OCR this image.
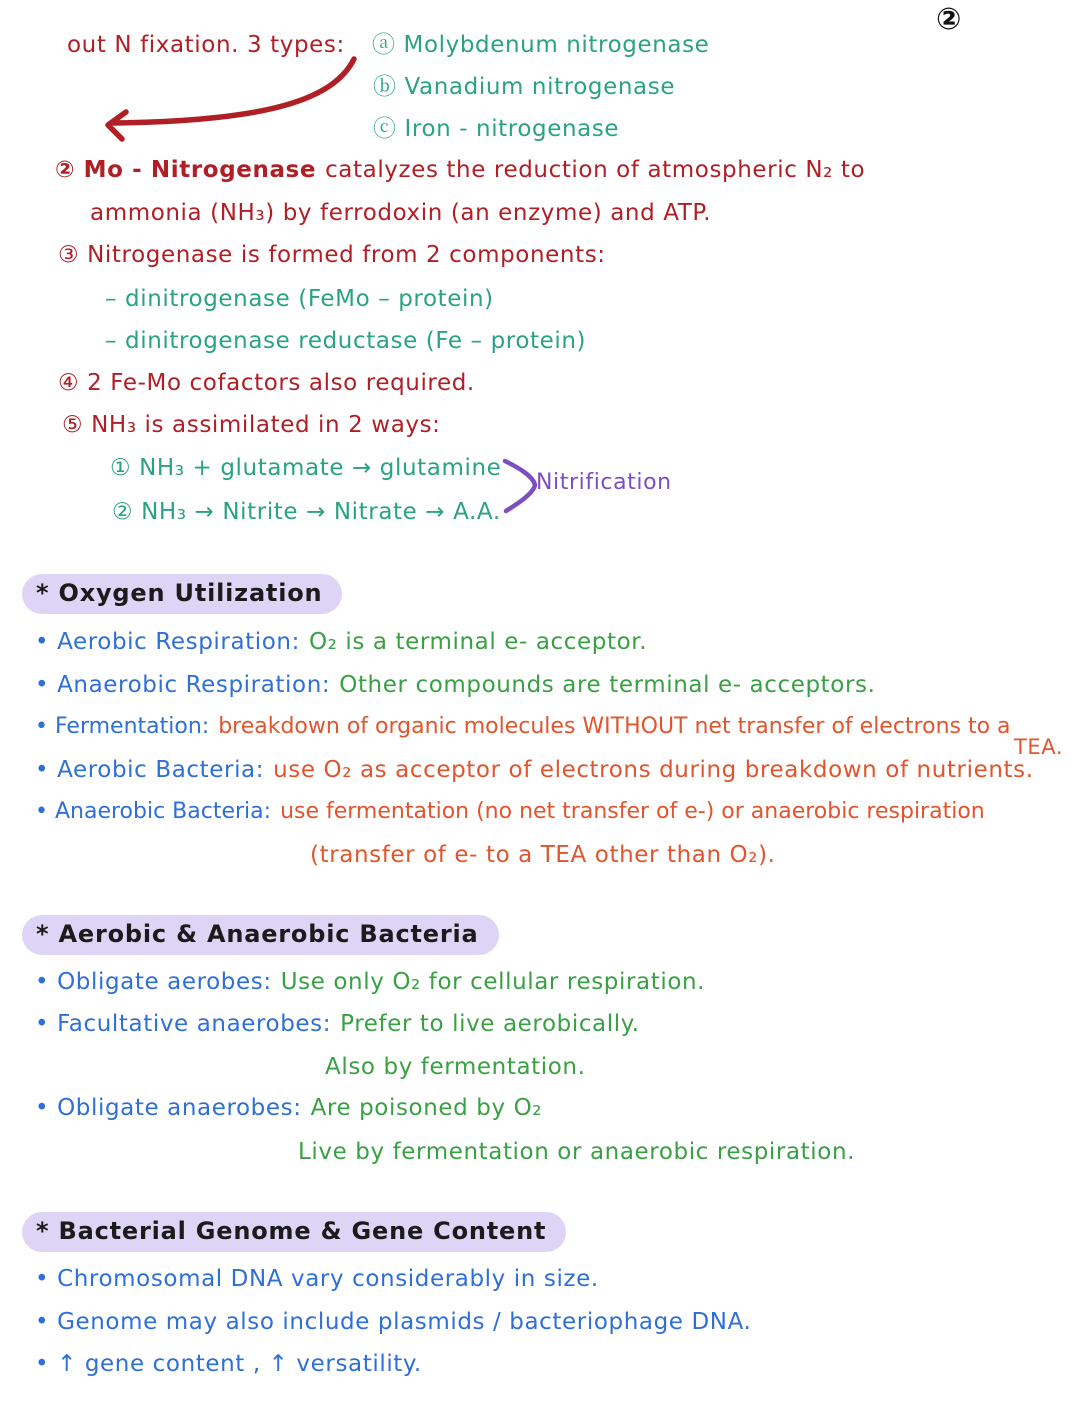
②
out N fixation. 3 types: ⓐ Molybdenum nitrogenase
ⓑ Vanadium nitrogenase
ⓒ Iron - nitrogenase
② Mo - Nitrogenase catalyzes the reduction of atmospheric N₂ to
ammonia (NH₃) by ferrodoxin (an enzyme) and ATP.
③ Nitrogenase is formed from 2 components:
– dinitrogenase (FeMo – protein)
– dinitrogenase reductase (Fe – protein)
④ 2 Fe-Mo cofactors also required.
⑤ NH₃ is assimilated in 2 ways:
① NH₃ + glutamate → glutamine
② NH₃ → Nitrite → Nitrate → A.A.
Nitrification
* Oxygen Utilization
• Aerobic Respiration: O₂ is a terminal e- acceptor.
• Anaerobic Respiration: Other compounds are terminal e- acceptors.
• Fermentation: breakdown of organic molecules WITHOUT net transfer of electrons to a
TEA.
• Aerobic Bacteria: use O₂ as acceptor of electrons during breakdown of nutrients.
• Anaerobic Bacteria: use fermentation (no net transfer of e-) or anaerobic respiration
(transfer of e- to a TEA other than O₂).
* Aerobic & Anaerobic Bacteria
• Obligate aerobes: Use only O₂ for cellular respiration.
• Facultative anaerobes: Prefer to live aerobically.
Also by fermentation.
• Obligate anaerobes: Are poisoned by O₂
Live by fermentation or anaerobic respiration.
* Bacterial Genome & Gene Content
• Chromosomal DNA vary considerably in size.
• Genome may also include plasmids / bacteriophage DNA.
• ↑ gene content , ↑ versatility.
